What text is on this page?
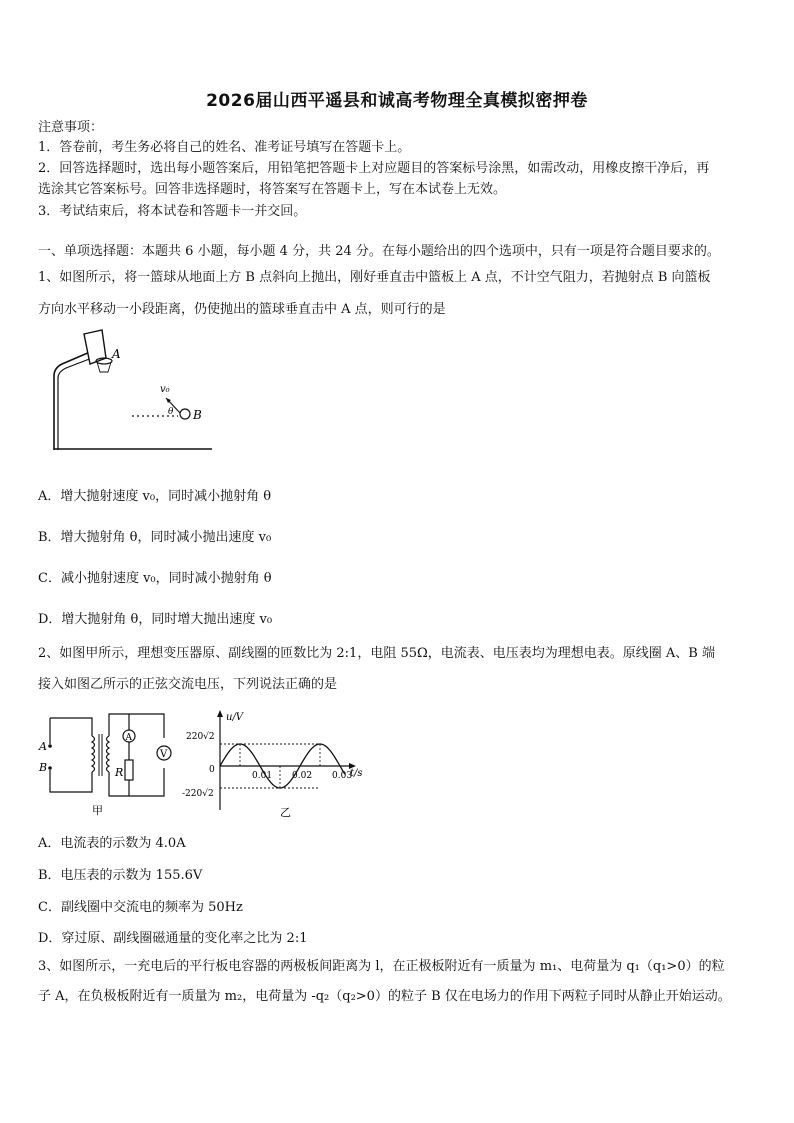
2026届山西平遥县和诚高考物理全真模拟密押卷
注意事项：
1．答卷前，考生务必将自己的姓名、准考证号填写在答题卡上。
2．回答选择题时，选出每小题答案后，用铅笔把答题卡上对应题目的答案标号涂黑，如需改动，用橡皮擦干净后，再
选涂其它答案标号。回答非选择题时，将答案写在答题卡上，写在本试卷上无效。
3．考试结束后，将本试卷和答题卡一并交回。
一、单项选择题：本题共 6 小题，每小题 4 分，共 24 分。在每小题给出的四个选项中，只有一项是符合题目要求的。
1、如图所示，将一篮球从地面上方 B 点斜向上抛出，刚好垂直击中篮板上 A 点，不计空气阻力，若抛射点 B 向篮板
方向水平移动一小段距离，仍使抛出的篮球垂直击中 A 点，则可行的是
A
v₀
θ B
A．增大抛射速度 v₀，同时减小抛射角 θ
B．增大抛射角 θ，同时减小抛出速度 v₀
C．减小抛射速度 v₀，同时减小抛射角 θ
D．增大抛射角 θ，同时增大抛出速度 v₀
2、如图甲所示，理想变压器原、副线圈的匝数比为 2:1，电阻 55Ω，电流表、电压表均为理想电表。原线圈 A、B 端
接入如图乙所示的正弦交流电压，下列说法正确的是
A
B
A
R
V
甲
u/V
t/s
220√2
-220√2
0
0.01 0.02 0.03
乙
A．电流表的示数为 4.0A
B．电压表的示数为 155.6V
C．副线圈中交流电的频率为 50Hz
D．穿过原、副线圈磁通量的变化率之比为 2:1
3、如图所示，一充电后的平行板电容器的两极板间距离为 l，在正极板附近有一质量为 m₁、电荷量为 q₁（q₁>0）的粒
子 A，在负极板附近有一质量为 m₂，电荷量为 -q₂（q₂>0）的粒子 B 仅在电场力的作用下两粒子同时从静止开始运动。
